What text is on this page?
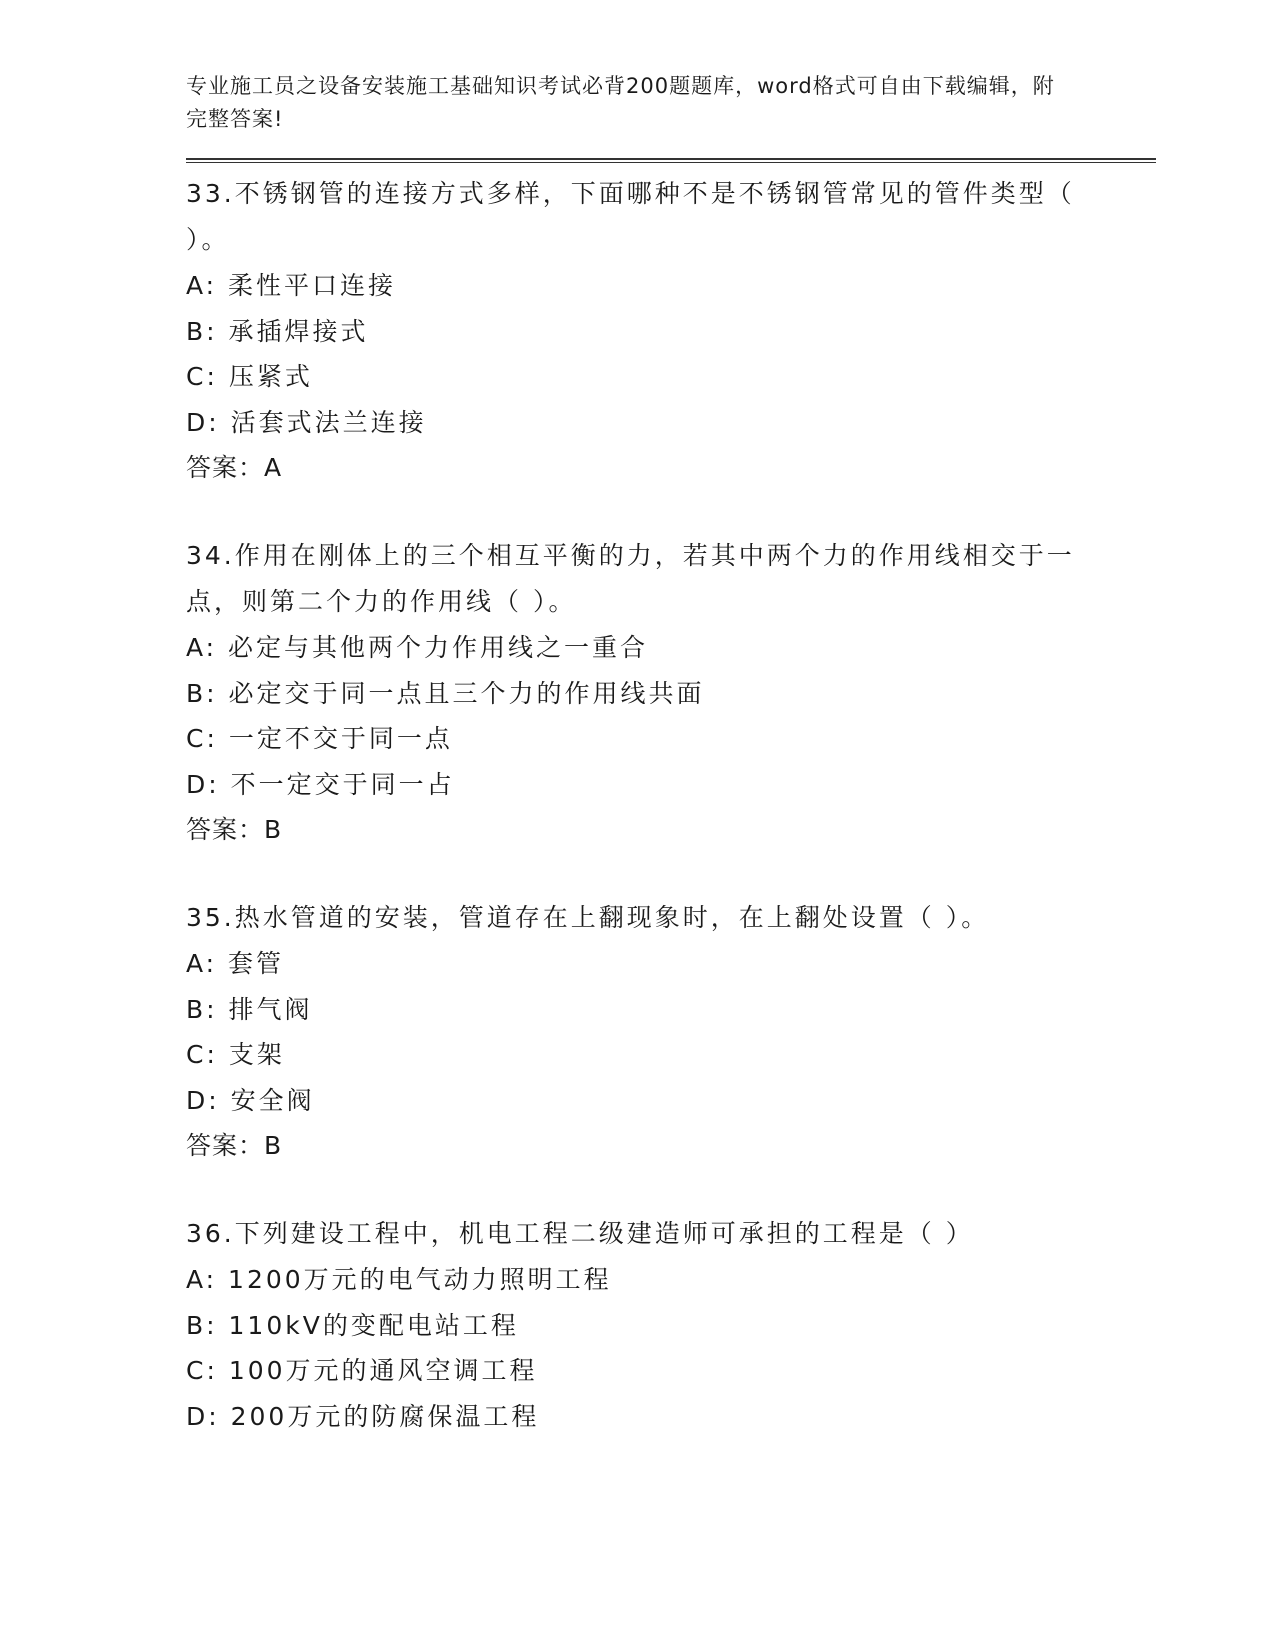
专业施工员之设备安装施工基础知识考试必背200题题库，word格式可自由下载编辑，附完整答案!
33.不锈钢管的连接方式多样，下面哪种不是不锈钢管常见的管件类型（ ）。
A: 柔性平口连接
B: 承插焊接式
C: 压紧式
D: 活套式法兰连接
答案：A
34.作用在刚体上的三个相互平衡的力，若其中两个力的作用线相交于一点，则第二个力的作用线（ ）。
A: 必定与其他两个力作用线之一重合
B: 必定交于同一点且三个力的作用线共面
C: 一定不交于同一点
D: 不一定交于同一占
答案：B
35.热水管道的安装，管道存在上翻现象时，在上翻处设置（ ）。
A: 套管
B: 排气阀
C: 支架
D: 安全阀
答案：B
36.下列建设工程中，机电工程二级建造师可承担的工程是（ ）
A: 1200万元的电气动力照明工程
B: 110kV的变配电站工程
C: 100万元的通风空调工程
D: 200万元的防腐保温工程
